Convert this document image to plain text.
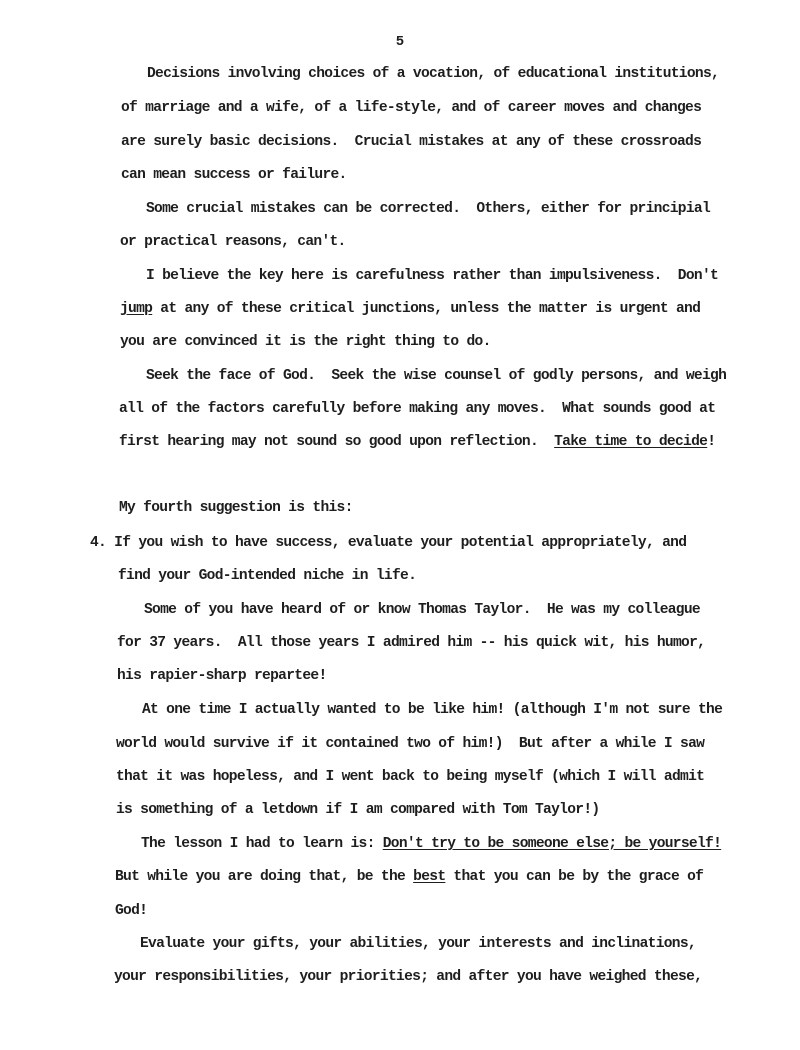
5
Decisions involving choices of a vocation, of educational institutions,
of marriage and a wife, of a life-style, and of career moves and changes
are surely basic decisions.  Crucial mistakes at any of these crossroads
can mean success or failure.
Some crucial mistakes can be corrected.  Others, either for principial
or practical reasons, can't.
I believe the key here is carefulness rather than impulsiveness.  Don't
jump at any of these critical junctions, unless the matter is urgent and
you are convinced it is the right thing to do.
Seek the face of God.  Seek the wise counsel of godly persons, and weigh
all of the factors carefully before making any moves.  What sounds good at
first hearing may not sound so good upon reflection.  Take time to decide!
My fourth suggestion is this:
4. If you wish to have success, evaluate your potential appropriately, and
find your God-intended niche in life.
Some of you have heard of or know Thomas Taylor.  He was my colleague
for 37 years.  All those years I admired him -- his quick wit, his humor,
his rapier-sharp repartee!
At one time I actually wanted to be like him! (although I'm not sure the
world would survive if it contained two of him!)  But after a while I saw
that it was hopeless, and I went back to being myself (which I will admit
is something of a letdown if I am compared with Tom Taylor!)
The lesson I had to learn is: Don't try to be someone else; be yourself!
But while you are doing that, be the best that you can be by the grace of
God!
Evaluate your gifts, your abilities, your interests and inclinations,
your responsibilities, your priorities; and after you have weighed these,
